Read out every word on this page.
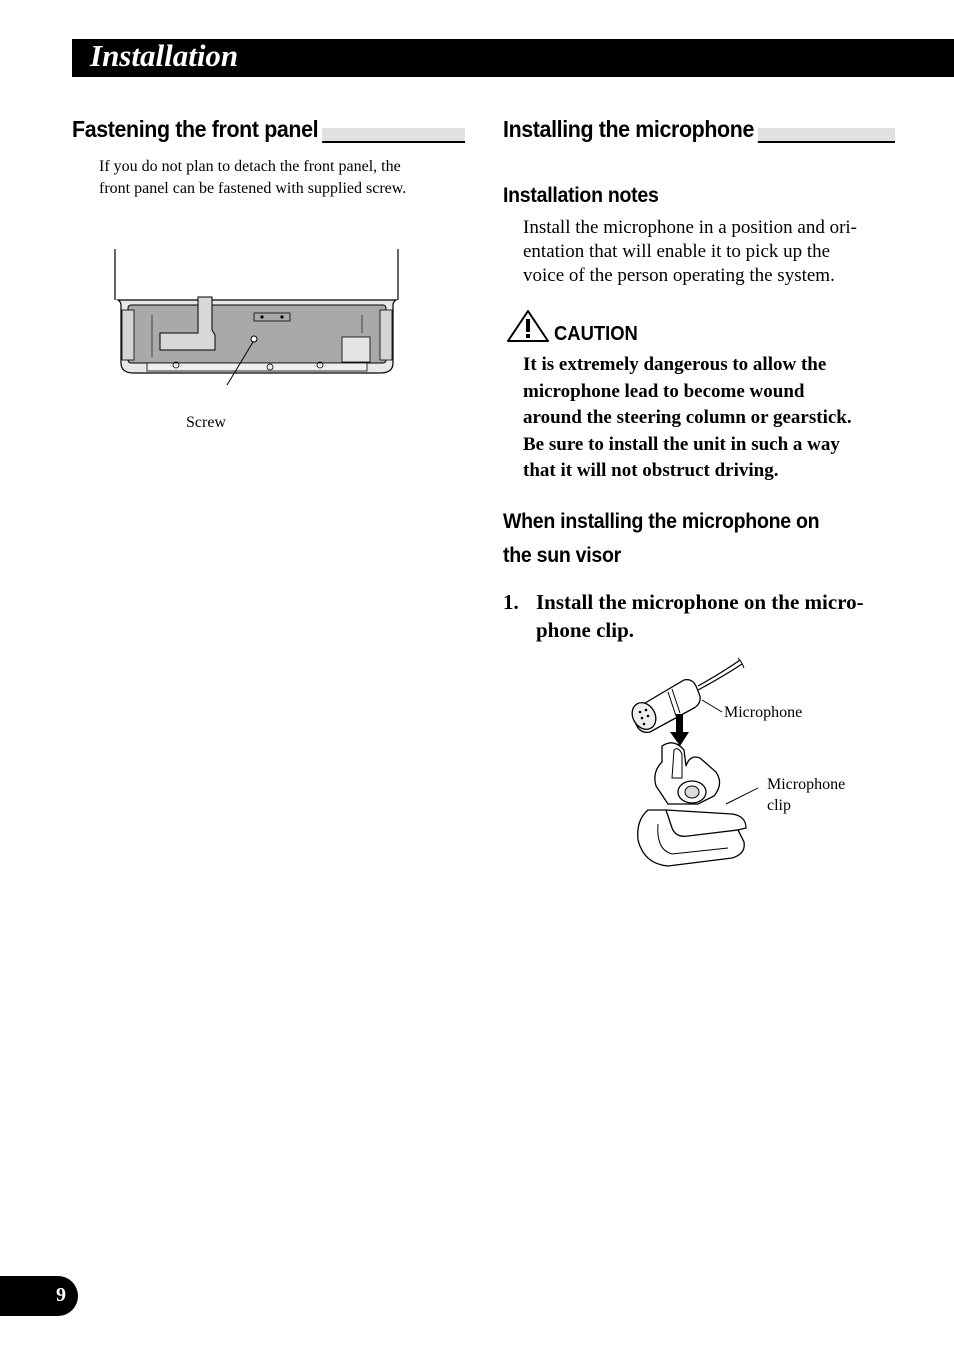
Installation
Fastening the front panel
If you do not plan to detach the front panel, the
front panel can be fastened with supplied screw.
Screw
Installing the microphone
Installation notes
Install the microphone in a position and ori-
entation that will enable it to pick up the
voice of the person operating the system.
CAUTION
It is extremely dangerous to allow the
microphone lead to become wound
around the steering column or gearstick.
Be sure to install the unit in such a way
that it will not obstruct driving.
When installing the microphone on
the sun visor
1. Install the microphone on the micro-
phone clip.
Microphone
Microphone
clip
9
